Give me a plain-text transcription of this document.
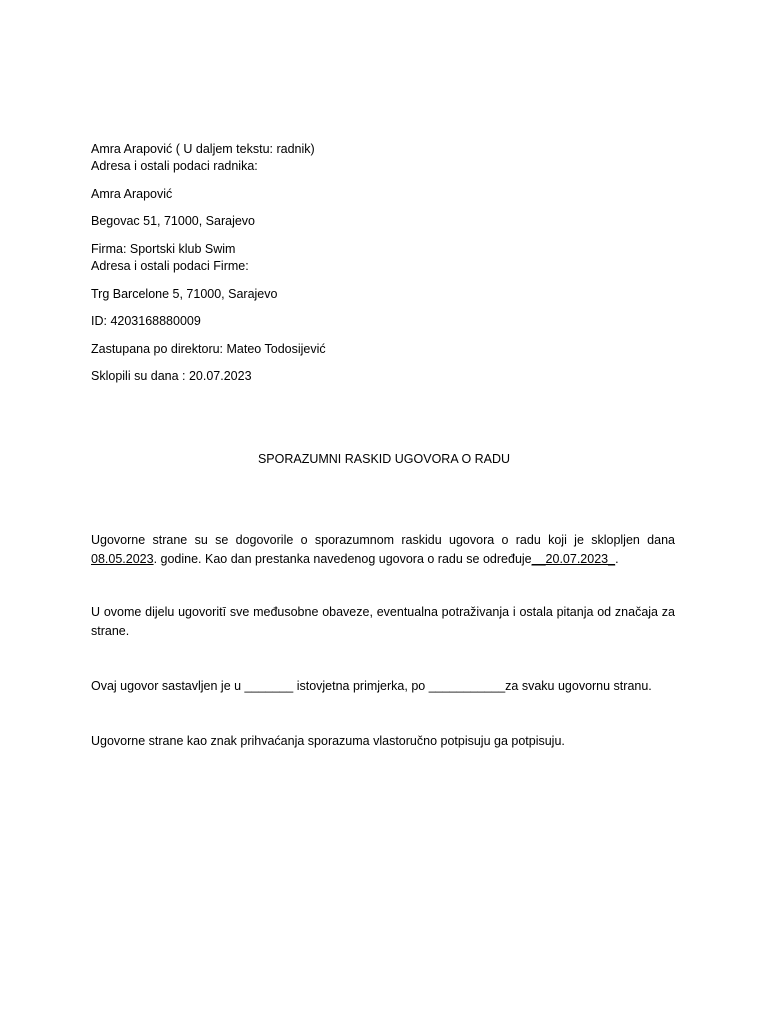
Amra Arapović ( U daljem tekstu: radnik)
Adresa i ostali podaci radnika:
Amra Arapović
Begovac 51, 71000, Sarajevo
Firma: Sportski klub Swim
Adresa i ostali podaci Firme:
Trg Barcelone 5, 71000, Sarajevo
ID: 4203168880009
Zastupana po direktoru: Mateo Todosijević
Sklopili su dana : 20.07.2023
SPORAZUMNI RASKID UGOVORA O RADU
Ugovorne strane su se dogovorile o sporazumnom raskidu ugovora o radu koji je sklopljen dana 08.05.2023. godine. Kao dan prestanka navedenog ugovora o radu se određuje__20.07.2023_.
U ovome dijelu ugovoritī sve međusobne obaveze, eventualna potraživanja i ostala pitanja od značaja za strane.
Ovaj ugovor sastavljen je u _______ istovjetna primjerka, po ___________za svaku ugovornu stranu.
Ugovorne strane kao znak prihvaćanja sporazuma vlastoručno potpisuju ga potpisuju.
